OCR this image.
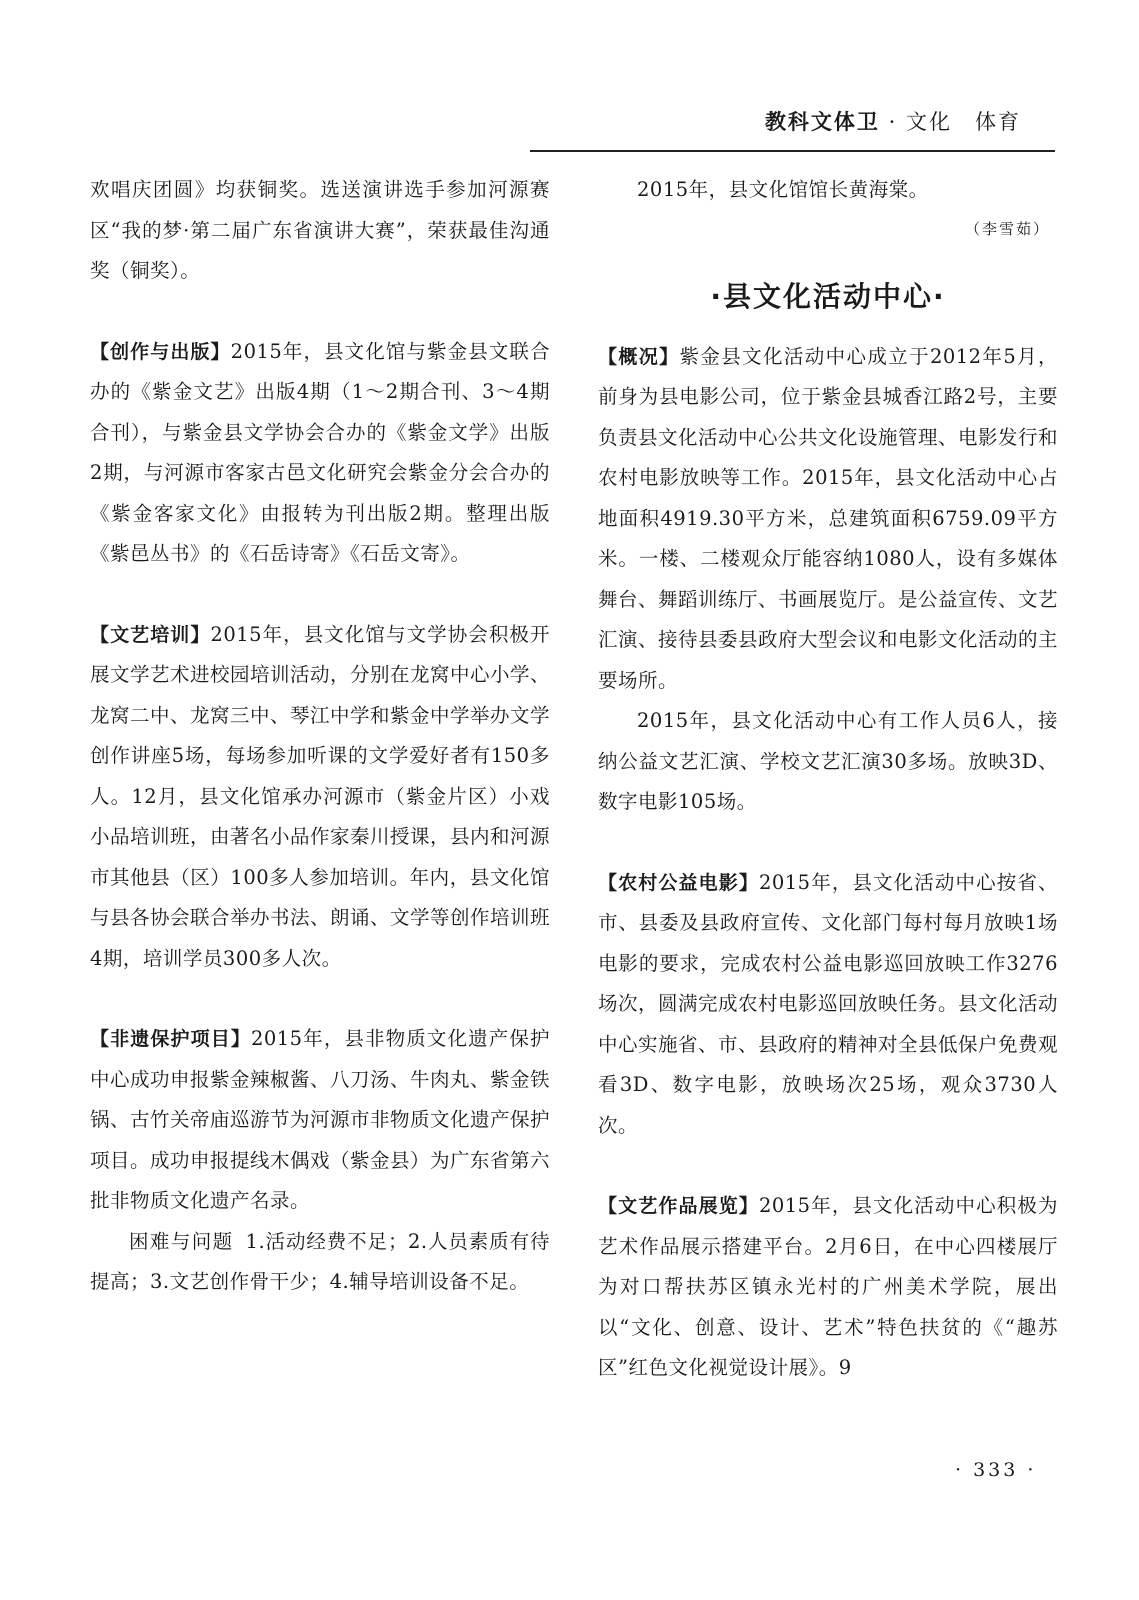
教科文体卫 · 文化　体育

欢唱庆团圆》均获铜奖。选送演讲选手参加河源赛区“我的梦·第二届广东省演讲大赛”，荣获最佳沟通奖（铜奖）。

【创作与出版】2015年，县文化馆与紫金县文联合办的《紫金文艺》出版4期（1～2期合刊、3～4期合刊），与紫金县文学协会合办的《紫金文学》出版2期，与河源市客家古邑文化研究会紫金分会合办的《紫金客家文化》由报转为刊出版2期。整理出版《紫邑丛书》的《石岳诗寄》《石岳文寄》。

【文艺培训】2015年，县文化馆与文学协会积极开展文学艺术进校园培训活动，分别在龙窝中心小学、龙窝二中、龙窝三中、琴江中学和紫金中学举办文学创作讲座5场，每场参加听课的文学爱好者有150多人。12月，县文化馆承办河源市（紫金片区）小戏小品培训班，由著名小品作家秦川授课，县内和河源市其他县（区）100多人参加培训。年内，县文化馆与县各协会联合举办书法、朗诵、文学等创作培训班4期，培训学员300多人次。

【非遗保护项目】2015年，县非物质文化遗产保护中心成功申报紫金辣椒酱、八刀汤、牛肉丸、紫金铁锅、古竹关帝庙巡游节为河源市非物质文化遗产保护项目。成功申报提线木偶戏（紫金县）为广东省第六批非物质文化遗产名录。

困难与问题 1.活动经费不足；2.人员素质有待提高；3.文艺创作骨干少；4.辅导培训设备不足。

2015年，县文化馆馆长黄海棠。

（李雪茹）
·县文化活动中心·

【概况】紫金县文化活动中心成立于2012年5月，前身为县电影公司，位于紫金县城香江路2号，主要负责县文化活动中心公共文化设施管理、电影发行和农村电影放映等工作。2015年，县文化活动中心占地面积4919.30平方米，总建筑面积6759.09平方米。一楼、二楼观众厅能容纳1080人，设有多媒体舞台、舞蹈训练厅、书画展览厅。是公益宣传、文艺汇演、接待县委县政府大型会议和电影文化活动的主要场所。

2015年，县文化活动中心有工作人员6人，接纳公益文艺汇演、学校文艺汇演30多场。放映3D、数字电影105场。

【农村公益电影】2015年，县文化活动中心按省、市、县委及县政府宣传、文化部门每村每月放映1场电影的要求，完成农村公益电影巡回放映工作3276场次，圆满完成农村电影巡回放映任务。县文化活动中心实施省、市、县政府的精神对全县低保户免费观看3D、数字电影，放映场次25场，观众3730人次。

【文艺作品展览】2015年，县文化活动中心积极为艺术作品展示搭建平台。2月6日，在中心四楼展厅为对口帮扶苏区镇永光村的广州美术学院，展出以“文化、创意、设计、艺术”特色扶贫的《“趣苏区”红色文化视觉设计展》。9

· 333 ·
